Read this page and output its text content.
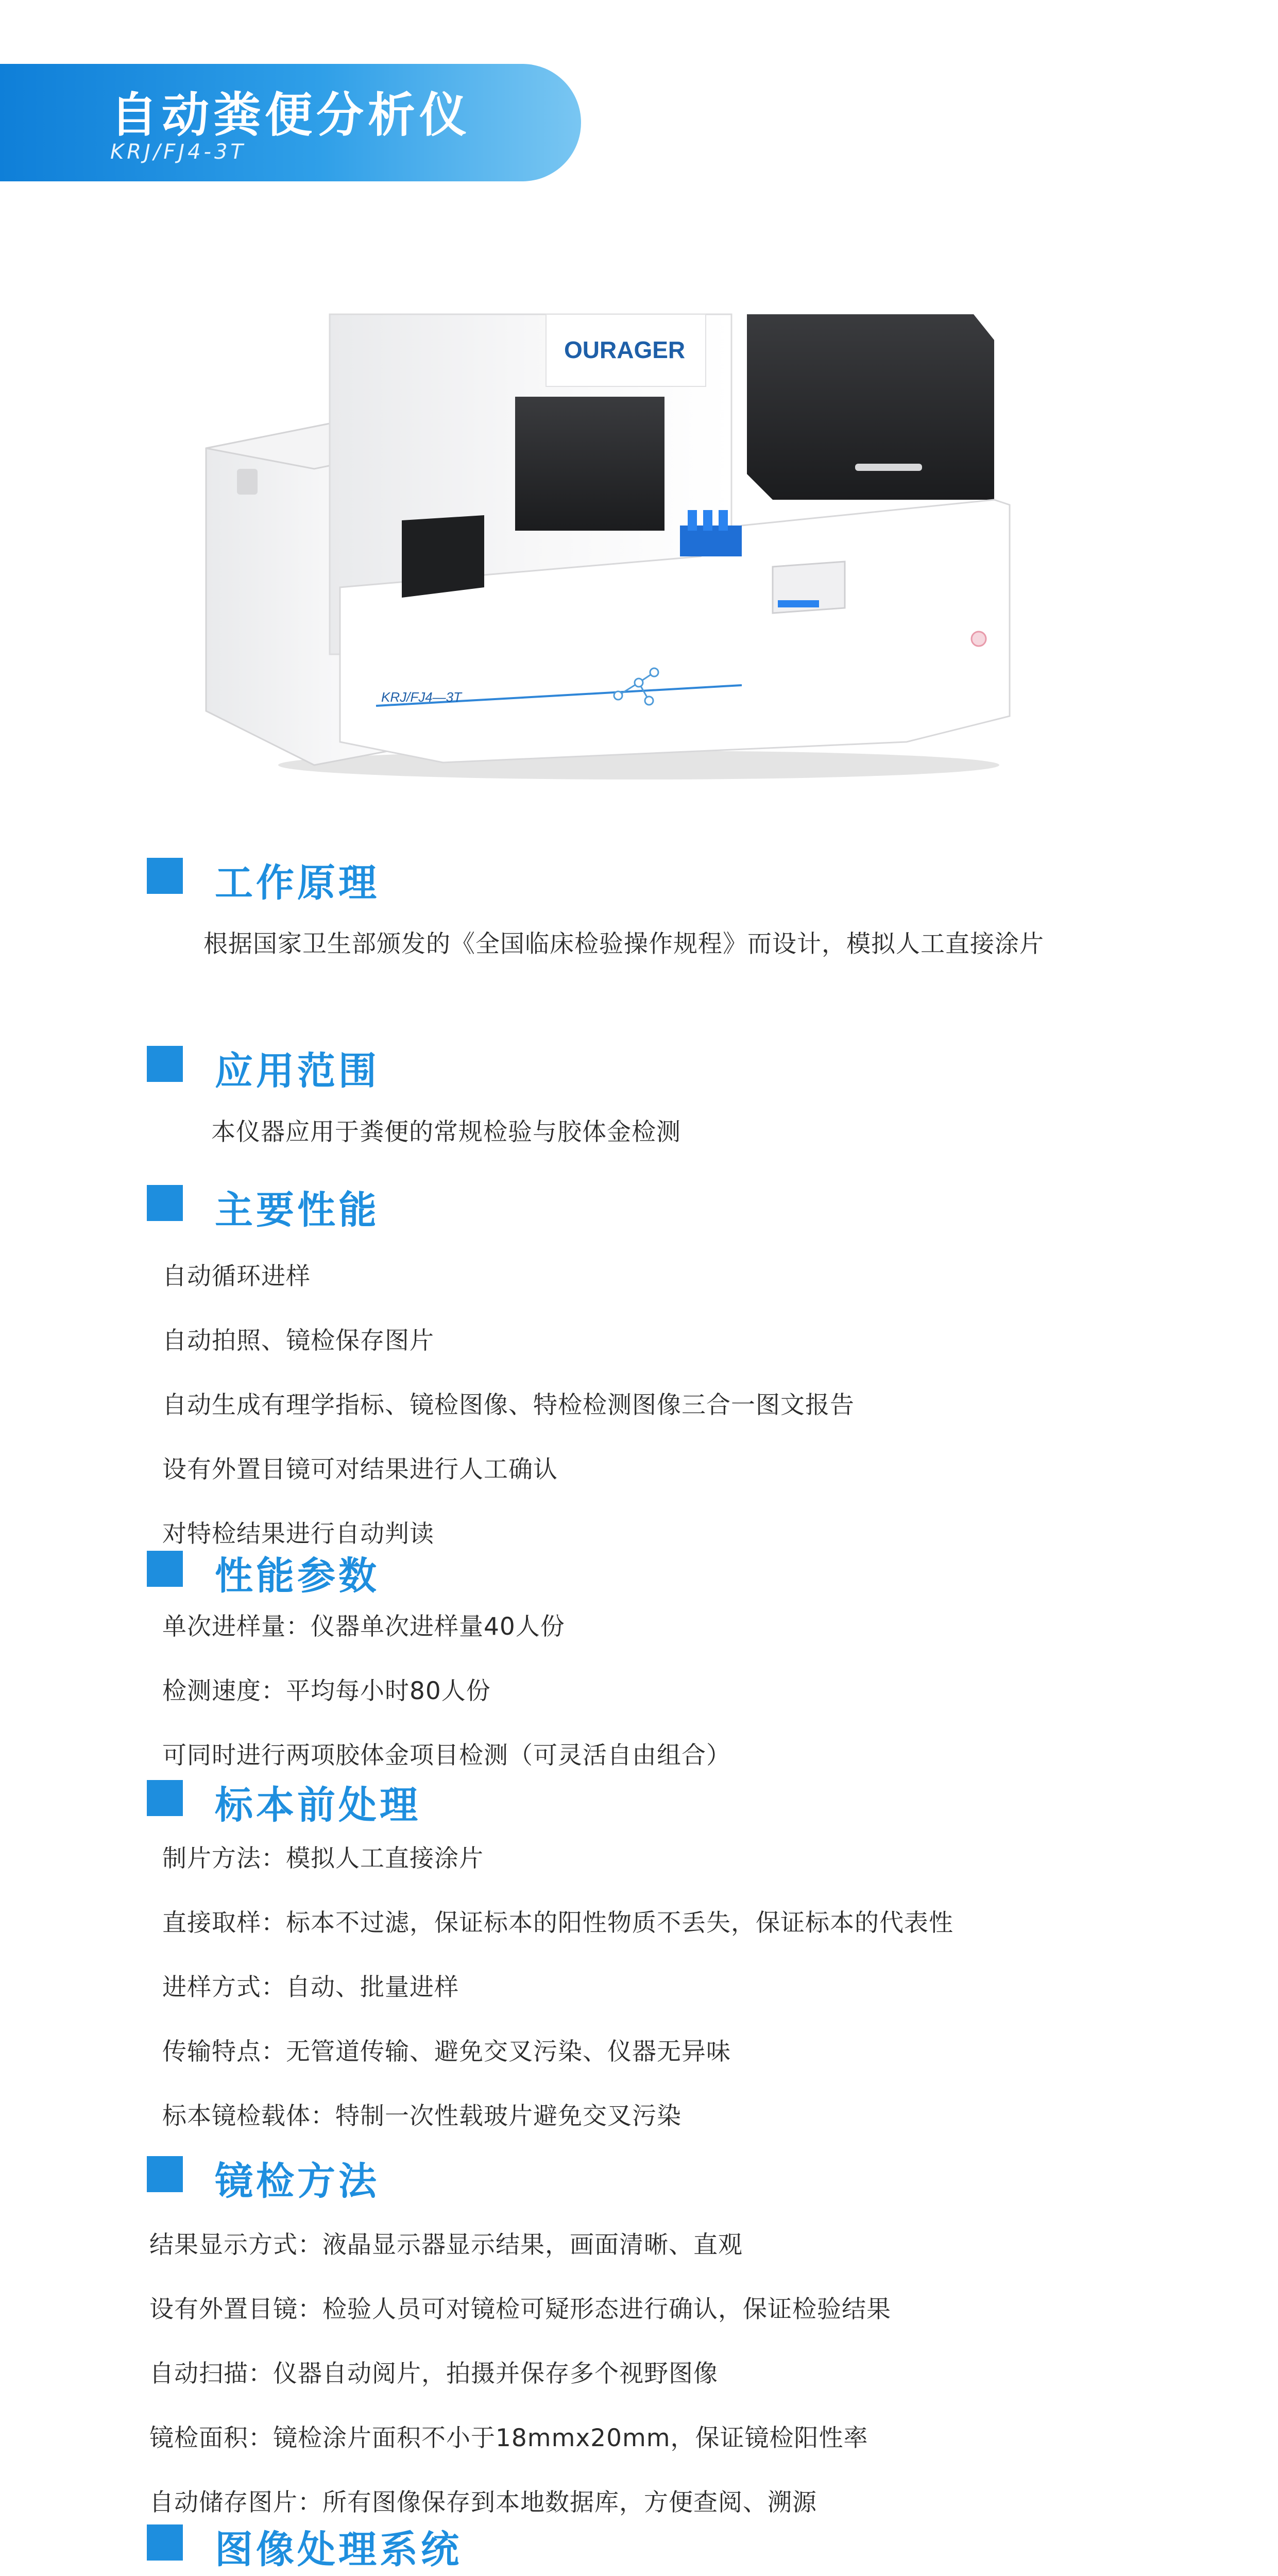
自动粪便分析仪
KRJ/FJ4-3T
OURAGER
KRJ/FJ4—3T
工作原理
根据国家卫生部颁发的《全国临床检验操作规程》而设计，模拟人工直接涂片
应用范围
本仪器应用于粪便的常规检验与胶体金检测
主要性能
自动循环进样
自动拍照、镜检保存图片
自动生成有理学指标、镜检图像、特检检测图像三合一图文报告
设有外置目镜可对结果进行人工确认
对特检结果进行自动判读
性能参数
单次进样量：仪器单次进样量40人份
检测速度：平均每小时80人份
可同时进行两项胶体金项目检测（可灵活自由组合）
标本前处理
制片方法：模拟人工直接涂片
直接取样：标本不过滤，保证标本的阳性物质不丢失，保证标本的代表性
进样方式：自动、批量进样
传输特点：无管道传输、避免交叉污染、仪器无异味
标本镜检载体：特制一次性载玻片避免交叉污染
镜检方法
结果显示方式：液晶显示器显示结果，画面清晰、直观
设有外置目镜：检验人员可对镜检可疑形态进行确认，保证检验结果
自动扫描：仪器自动阅片，拍摄并保存多个视野图像
镜检面积：镜检涂片面积不小于18mmx20mm，保证镜检阳性率
自动储存图片：所有图像保存到本地数据库，方便查阅、溯源
图像处理系统
